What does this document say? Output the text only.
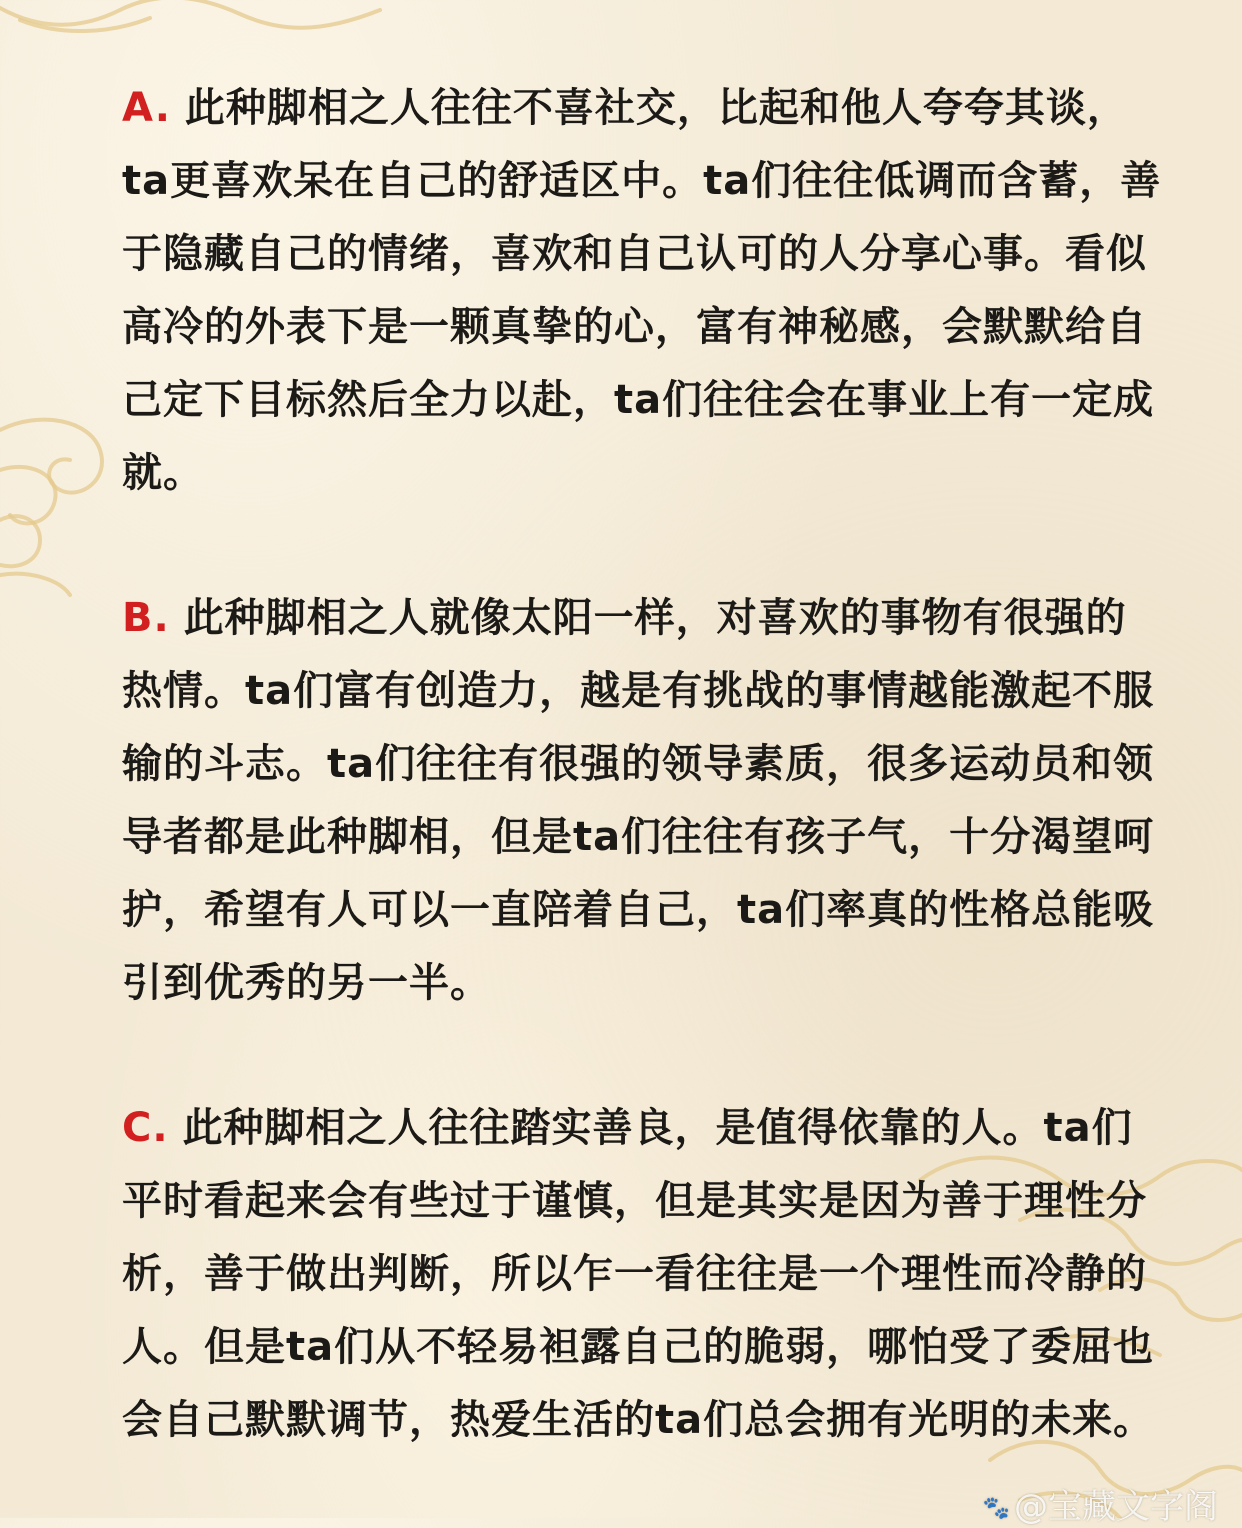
A. 此种脚相之人往往不喜社交，比起和他人夸夸其谈，ta更喜欢呆在自己的舒适区中。ta们往往低调而含蓄，善于隐藏自己的情绪，喜欢和自己认可的人分享心事。看似高冷的外表下是一颗真挚的心，富有神秘感，会默默给自己定下目标然后全力以赴，ta们往往会在事业上有一定成就。

B. 此种脚相之人就像太阳一样，对喜欢的事物有很强的热情。ta们富有创造力，越是有挑战的事情越能激起不服输的斗志。ta们往往有很强的领导素质，很多运动员和领导者都是此种脚相，但是ta们往往有孩子气，十分渴望呵护，希望有人可以一直陪着自己，ta们率真的性格总能吸引到优秀的另一半。

C. 此种脚相之人往往踏实善良，是值得依靠的人。ta们平时看起来会有些过于谨慎，但是其实是因为善于理性分析，善于做出判断，所以乍一看往往是一个理性而冷静的人。但是ta们从不轻易袒露自己的脆弱，哪怕受了委屈也会自己默默调节，热爱生活的ta们总会拥有光明的未来。

🐾 @宝藏文字阁
